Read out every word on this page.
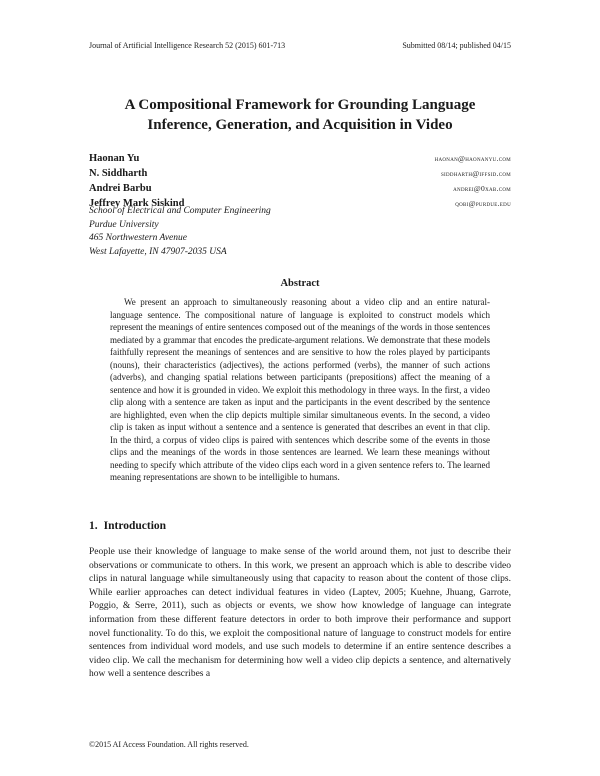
Journal of Artificial Intelligence Research 52 (2015) 601-713	Submitted 08/14; published 04/15
A Compositional Framework for Grounding Language
Inference, Generation, and Acquisition in Video
Haonan Yu	haonan@haonanyu.com
N. Siddharth	siddharth@iffsid.com
Andrei Barbu	andrei@0xab.com
Jeffrey Mark Siskind	qobi@purdue.edu
School of Electrical and Computer Engineering
Purdue University
465 Northwestern Avenue
West Lafayette, IN 47907-2035 USA
Abstract

We present an approach to simultaneously reasoning about a video clip and an entire natural-language sentence. The compositional nature of language is exploited to construct models which represent the meanings of entire sentences composed out of the meanings of the words in those sentences mediated by a grammar that encodes the predicate-argument relations. We demonstrate that these models faithfully represent the meanings of sentences and are sensitive to how the roles played by participants (nouns), their characteristics (adjectives), the actions performed (verbs), the manner of such actions (adverbs), and changing spatial relations between participants (prepositions) affect the meaning of a sentence and how it is grounded in video. We exploit this methodology in three ways. In the first, a video clip along with a sentence are taken as input and the participants in the event described by the sentence are highlighted, even when the clip depicts multiple similar simultaneous events. In the second, a video clip is taken as input without a sentence and a sentence is generated that describes an event in that clip. In the third, a corpus of video clips is paired with sentences which describe some of the events in those clips and the meanings of the words in those sentences are learned. We learn these meanings without needing to specify which attribute of the video clips each word in a given sentence refers to. The learned meaning representations are shown to be intelligible to humans.

1. Introduction

People use their knowledge of language to make sense of the world around them, not just to describe their observations or communicate to others. In this work, we present an approach which is able to describe video clips in natural language while simultaneously using that capacity to reason about the content of those clips. While earlier approaches can detect individual features in video (Laptev, 2005; Kuehne, Jhuang, Garrote, Poggio, & Serre, 2011), such as objects or events, we show how knowledge of language can integrate information from these different feature detectors in order to both improve their performance and support novel functionality. To do this, we exploit the compositional nature of language to construct models for entire sentences from individual word models, and use such models to determine if an entire sentence describes a video clip. We call the mechanism for determining how well a video clip depicts a sentence, and alternatively how well a sentence describes a

©2015 AI Access Foundation. All rights reserved.
